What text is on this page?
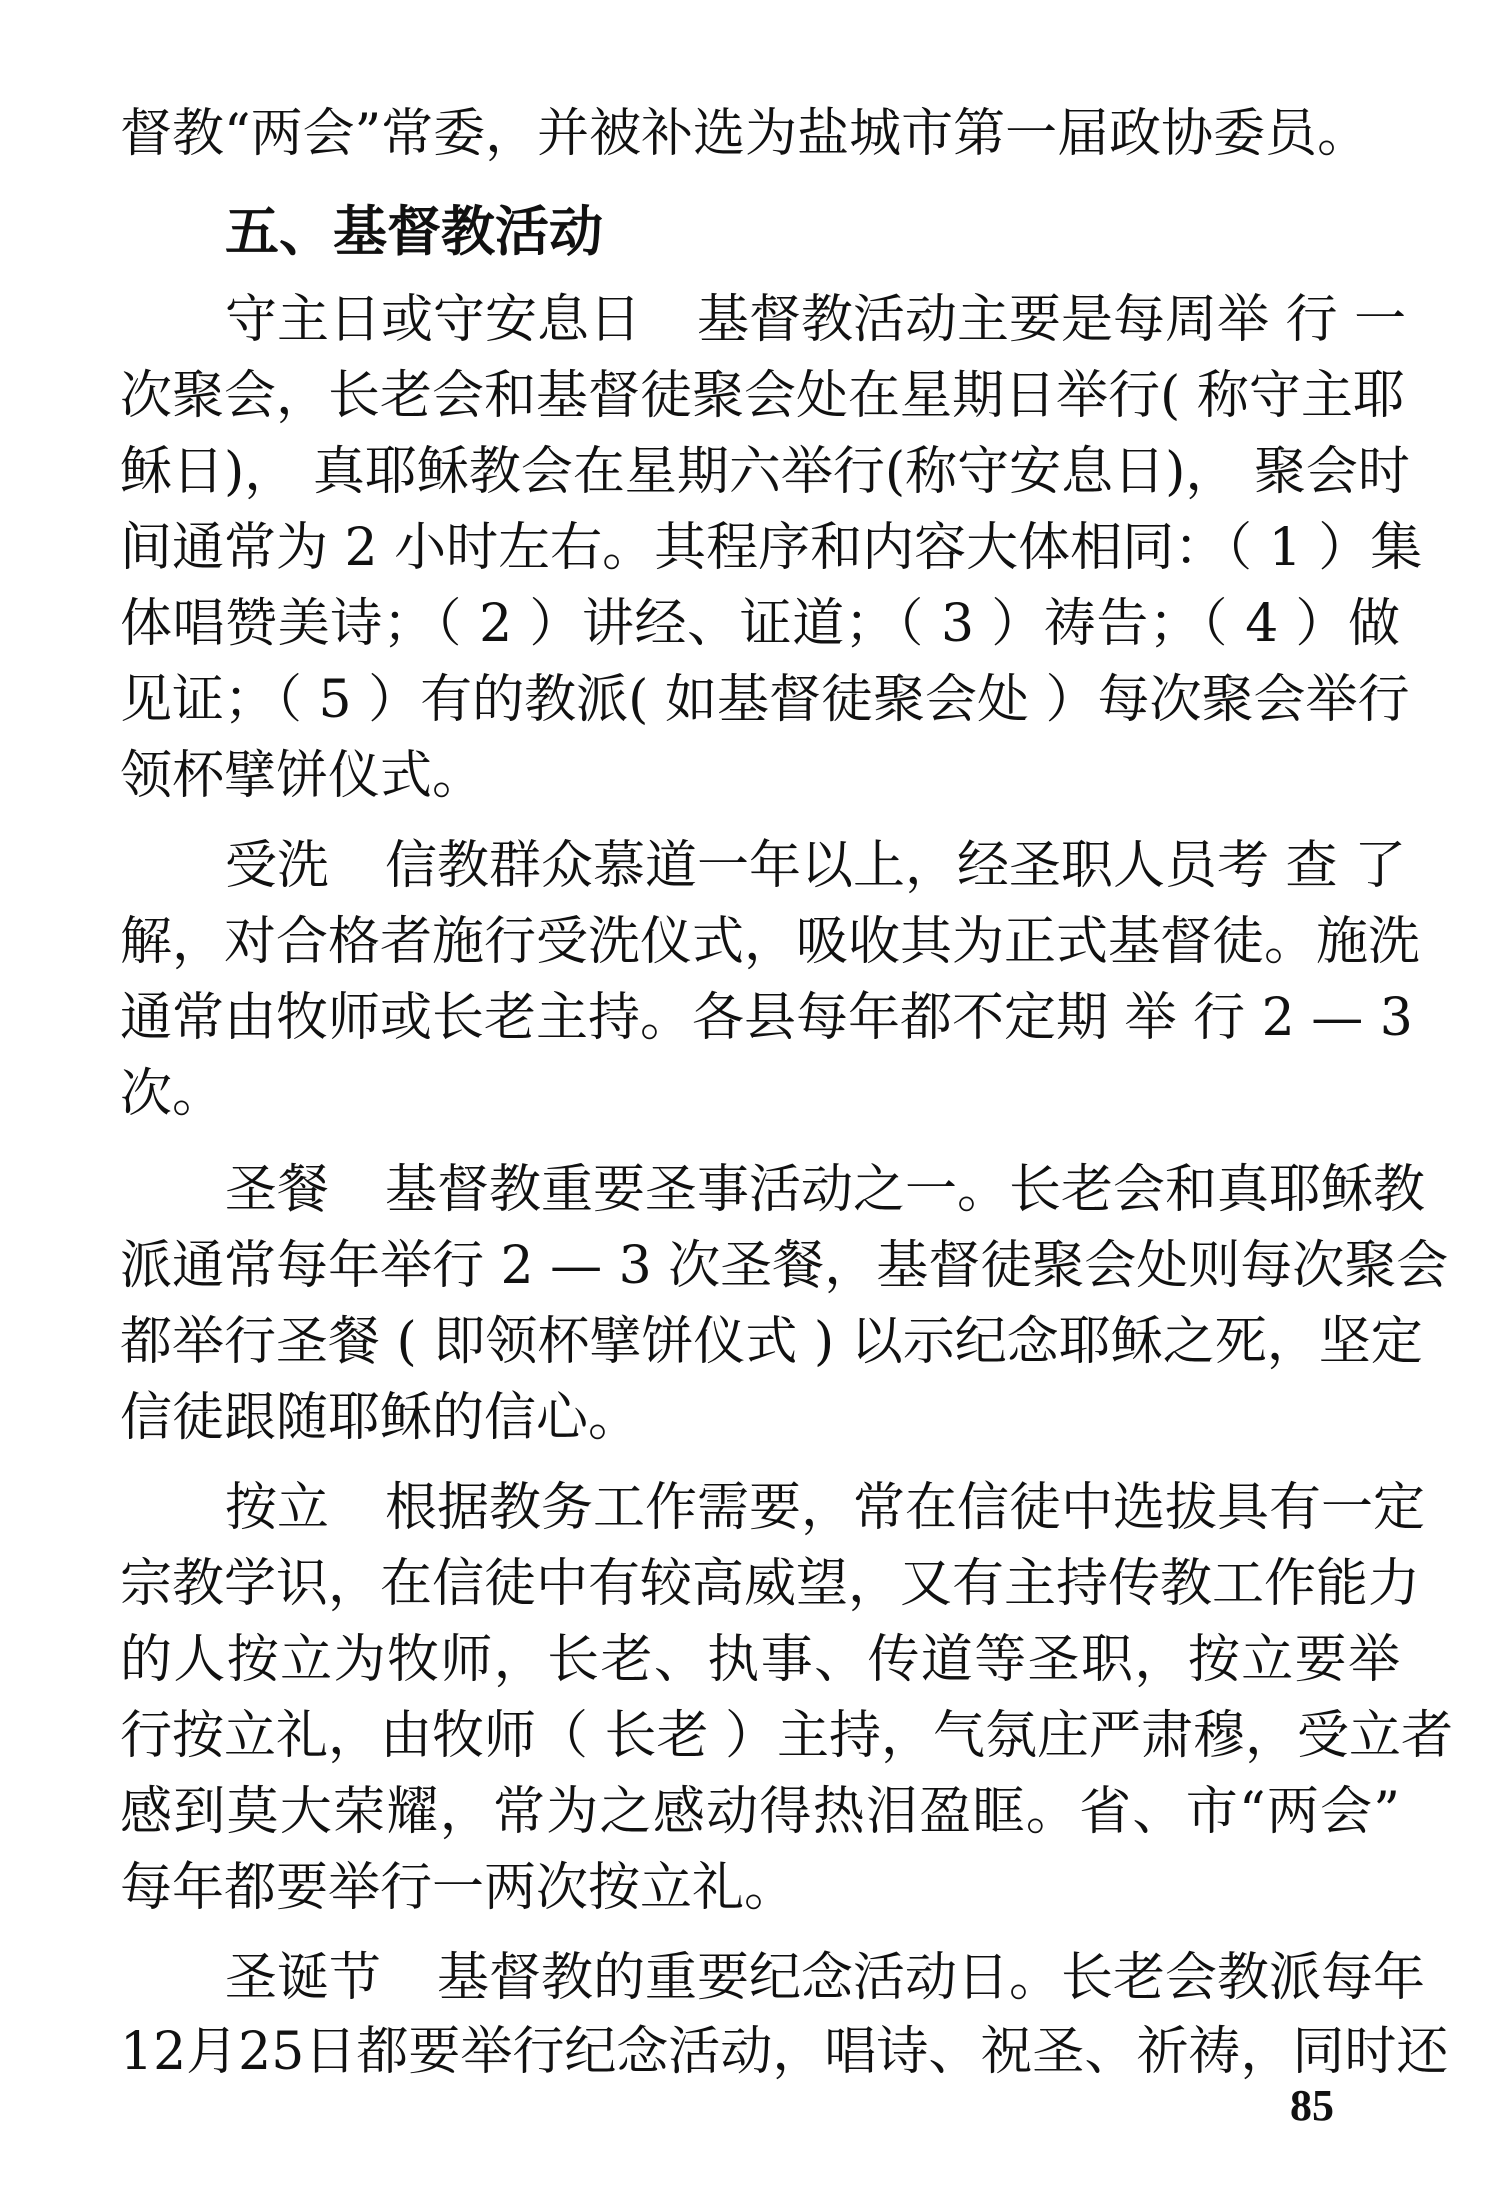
督教“两会”常委，并被补选为盐城市第一届政协委员。
五、基督教活动
守主日或守安息日 基督教活动主要是每周举 行 一
次聚会，长老会和基督徒聚会处在星期日举行( 称守主耶
稣日)， 真耶稣教会在星期六举行(称守安息日)， 聚会时
间通常为 2 小时左右。其程序和内容大体相同：（ 1 ）集
体唱赞美诗；（ 2 ）讲经、证道；（ 3 ）祷告；（ 4 ）做
见证；（ 5 ）有的教派( 如基督徒聚会处 ）每次聚会举行
领杯擘饼仪式。
受洗 信教群众慕道一年以上，经圣职人员考 查 了
解，对合格者施行受洗仪式，吸收其为正式基督徒。施洗
通常由牧师或长老主持。各县每年都不定期 举 行 2 — 3
次。
圣餐 基督教重要圣事活动之一。长老会和真耶稣教
派通常每年举行 2 — 3 次圣餐，基督徒聚会处则每次聚会
都举行圣餐 ( 即领杯擘饼仪式 ) 以示纪念耶稣之死，坚定
信徒跟随耶稣的信心。
按立 根据教务工作需要，常在信徒中选拔具有一定
宗教学识，在信徒中有较高威望，又有主持传教工作能力
的人按立为牧师，长老、执事、传道等圣职，按立要举
行按立礼，由牧师（ 长老 ）主持，气氛庄严肃穆，受立者
感到莫大荣耀，常为之感动得热泪盈眶。省、市“两会”
每年都要举行一两次按立礼。
圣诞节 基督教的重要纪念活动日。长老会教派每年
12月25日都要举行纪念活动，唱诗、祝圣、祈祷，同时还
85
